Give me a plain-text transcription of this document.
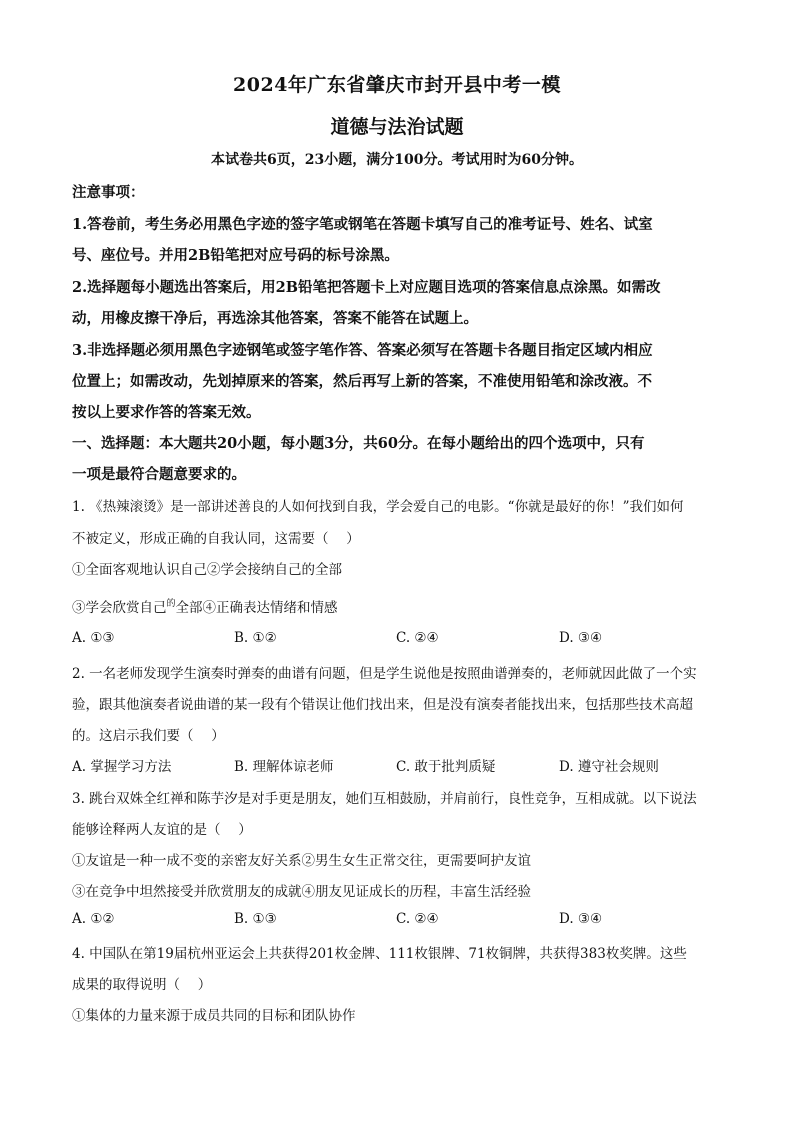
2024年广东省肇庆市封开县中考一模
道德与法治试题
本试卷共6页，23小题，满分100分。考试用时为60分钟。
注意事项：
1.答卷前，考生务必用黑色字迹的签字笔或钢笔在答题卡填写自己的准考证号、姓名、试室
号、座位号。并用2B铅笔把对应号码的标号涂黑。
2.选择题每小题选出答案后，用2B铅笔把答题卡上对应题目选项的答案信息点涂黑。如需改
动，用橡皮擦干净后，再选涂其他答案，答案不能答在试题上。
3.非选择题必须用黑色字迹钢笔或签字笔作答、答案必须写在答题卡各题目指定区域内相应
位置上；如需改动，先划掉原来的答案，然后再写上新的答案，不准使用铅笔和涂改液。不
按以上要求作答的答案无效。
一、选择题：本大题共20小题，每小题3分，共60分。在每小题给出的四个选项中，只有
一项是最符合题意要求的。
1. 《热辣滚烫》是一部讲述善良的人如何找到自我，学会爱自己的电影。“你就是最好的你！”我们如何
不被定义，形成正确的自我认同，这需要（　 ）
①全面客观地认识自己②学会接纳自己的全部
③学会欣赏自己$^的$全部④正确表达情绪和情感
A. ①③	B. ①②	C. ②④	D. ③④
2. 一名老师发现学生演奏时弹奏的曲谱有问题，但是学生说他是按照曲谱弹奏的，老师就因此做了一个实
验，跟其他演奏者说曲谱的某一段有个错误让他们找出来，但是没有演奏者能找出来，包括那些技术高超
的。这启示我们要（　 ）
A. 掌握学习方法	B. 理解体谅老师	C. 敢于批判质疑	D. 遵守社会规则
3. 跳台双姝全红禅和陈芋汐是对手更是朋友，她们互相鼓励，并肩前行，良性竞争，互相成就。以下说法
能够诠释两人友谊的是（　 ）
①友谊是一种一成不变的亲密友好关系②男生女生正常交往，更需要呵护友谊
③在竞争中坦然接受并欣赏朋友的成就④朋友见证成长的历程，丰富生活经验
A. ①②	B. ①③	C. ②④	D. ③④
4. 中国队在第19届杭州亚运会上共获得201枚金牌、111枚银牌、71枚铜牌，共获得383枚奖牌。这些
成果的取得说明（　 ）
①集体的力量来源于成员共同的目标和团队协作
